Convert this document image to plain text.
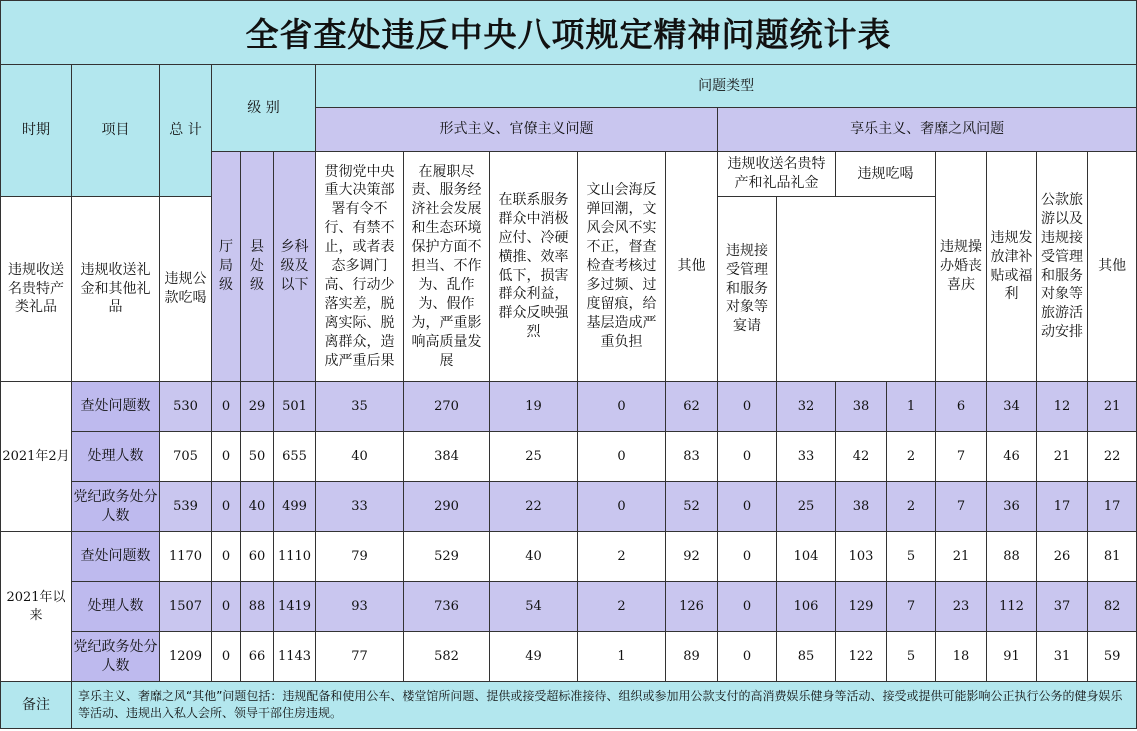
全省查处违反中央八项规定精神问题统计表
时期	项目	总 计	级 别			问题类型												
						形式主义、官僚主义问题					享乐主义、奢靡之风问题							
			厅局级	县处级	乡科级及以下	贯彻党中央重大决策部署有令不行、有禁不止，或者表态多调门高、行动少落实差，脱离实际、脱离群众，造成严重后果	在履职尽责、服务经济社会发展和生态环境保护方面不担当、不作为、乱作为、假作为，严重影响高质量发展	在联系服务群众中消极应付、冷硬横推、效率低下，损害群众利益，群众反映强烈	文山会海反弹回潮，文风会风不实不正，督查检查考核过多过频、过度留痕，给基层造成严重负担	其他	违规收送名贵特产和礼品礼金		违规吃喝		违规操办婚丧喜庆	违规发放津补贴或福利	公款旅游以及违规接受管理和服务对象等旅游活动安排	其他
违规收送名贵特产类礼品	违规收送礼金和其他礼品	违规公款吃喝									违规接受管理和服务对象等宴请							
2021年2月	查处问题数	530	0	29	501	35	270	19	0	62	0	32	38	1	6	34	12	21
	处理人数	705	0	50	655	40	384	25	0	83	0	33	42	2	7	46	21	22
	党纪政务处分人数	539	0	40	499	33	290	22	0	52	0	25	38	2	7	36	17	17
2021年以来	查处问题数	1170	0	60	1110	79	529	40	2	92	0	104	103	5	21	88	26	81
	处理人数	1507	0	88	1419	93	736	54	2	126	0	106	129	7	23	112	37	82
	党纪政务处分人数	1209	0	66	1143	77	582	49	1	89	0	85	122	5	18	91	31	59
备注	享乐主义、奢靡之风“其他”问题包括：违规配备和使用公车、楼堂馆所问题、提供或接受超标准接待、组织或参加用公款支付的高消费娱乐健身等活动、接受或提供可能影响公正执行公务的健身娱乐等活动、违规出入私人会所、领导干部住房违规。																	
